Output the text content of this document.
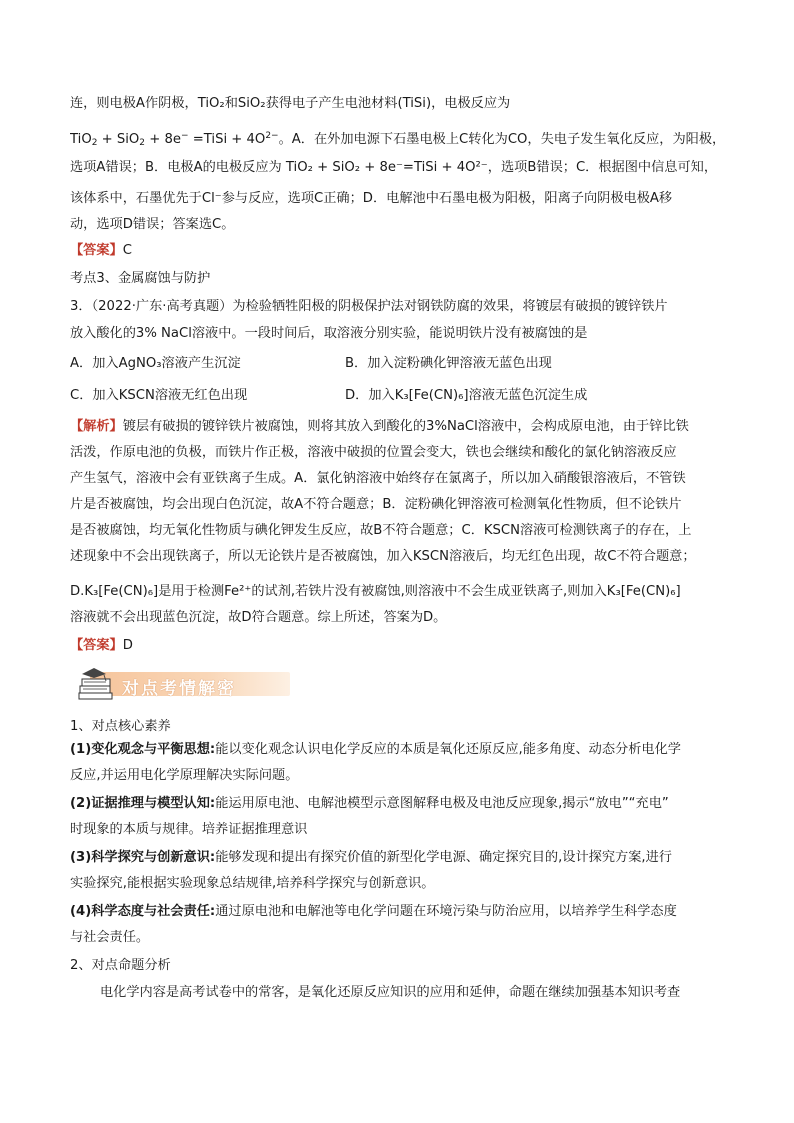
连，则电极A作阴极，TiO₂和SiO₂获得电子产生电池材料(TiSi)，电极反应为
TiO$_2$ + SiO$_2$ + 8e− =TiSi + $4O^{2-}$。A．在外加电源下石墨电极上C转化为CO，失电子发生氧化反应，为阳极，
选项A错误；B．电极A的电极反应为 TiO₂ + SiO₂ + 8e⁻=TiSi + 4O²⁻，选项B错误；C．根据图中信息可知，
该体系中，石墨优先于Cl⁻参与反应，选项C正确；D．电解池中石墨电极为阳极，阳离子向阴极电极A移
动，选项D错误；答案选C。
【答案】C
考点3、金属腐蚀与防护
3．（2022·广东·高考真题）为检验牺牲阳极的阴极保护法对钢铁防腐的效果，将镀层有破损的镀锌铁片
放入酸化的3% NaCl溶液中。一段时间后，取溶液分别实验，能说明铁片没有被腐蚀的是
A．加入AgNO₃溶液产生沉淀	B．加入淀粉碘化钾溶液无蓝色出现
C．加入KSCN溶液无红色出现	D．加入K₃[Fe(CN)₆]溶液无蓝色沉淀生成
【解析】镀层有破损的镀锌铁片被腐蚀，则将其放入到酸化的3%NaCl溶液中，会构成原电池，由于锌比铁
活泼，作原电池的负极，而铁片作正极，溶液中破损的位置会变大，铁也会继续和酸化的氯化钠溶液反应
产生氢气，溶液中会有亚铁离子生成。A．氯化钠溶液中始终存在氯离子，所以加入硝酸银溶液后，不管铁
片是否被腐蚀，均会出现白色沉淀，故A不符合题意；B．淀粉碘化钾溶液可检测氧化性物质，但不论铁片
是否被腐蚀，均无氧化性物质与碘化钾发生反应，故B不符合题意；C．KSCN溶液可检测铁离子的存在，上
述现象中不会出现铁离子，所以无论铁片是否被腐蚀，加入KSCN溶液后，均无红色出现，故C不符合题意；
D.K₃[Fe(CN)₆]是用于检测Fe²⁺的试剂,若铁片没有被腐蚀,则溶液中不会生成亚铁离子,则加入K₃[Fe(CN)₆]
溶液就不会出现蓝色沉淀，故D符合题意。综上所述，答案为D。
【答案】D
对点考情解密
1、对点核心素养
(1)变化观念与平衡思想:能以变化观念认识电化学反应的本质是氧化还原反应,能多角度、动态分析电化学
反应,并运用电化学原理解决实际问题。
(2)证据推理与模型认知:能运用原电池、电解池模型示意图解释电极及电池反应现象,揭示“放电”“充电”
时现象的本质与规律。培养证据推理意识
(3)科学探究与创新意识:能够发现和提出有探究价值的新型化学电源、确定探究目的,设计探究方案,进行
实验探究,能根据实验现象总结规律,培养科学探究与创新意识。
(4)科学态度与社会责任:通过原电池和电解池等电化学问题在环境污染与防治应用，以培养学生科学态度
与社会责任。
2、对点命题分析
电化学内容是高考试卷中的常客，是氧化还原反应知识的应用和延伸，命题在继续加强基本知识考查
